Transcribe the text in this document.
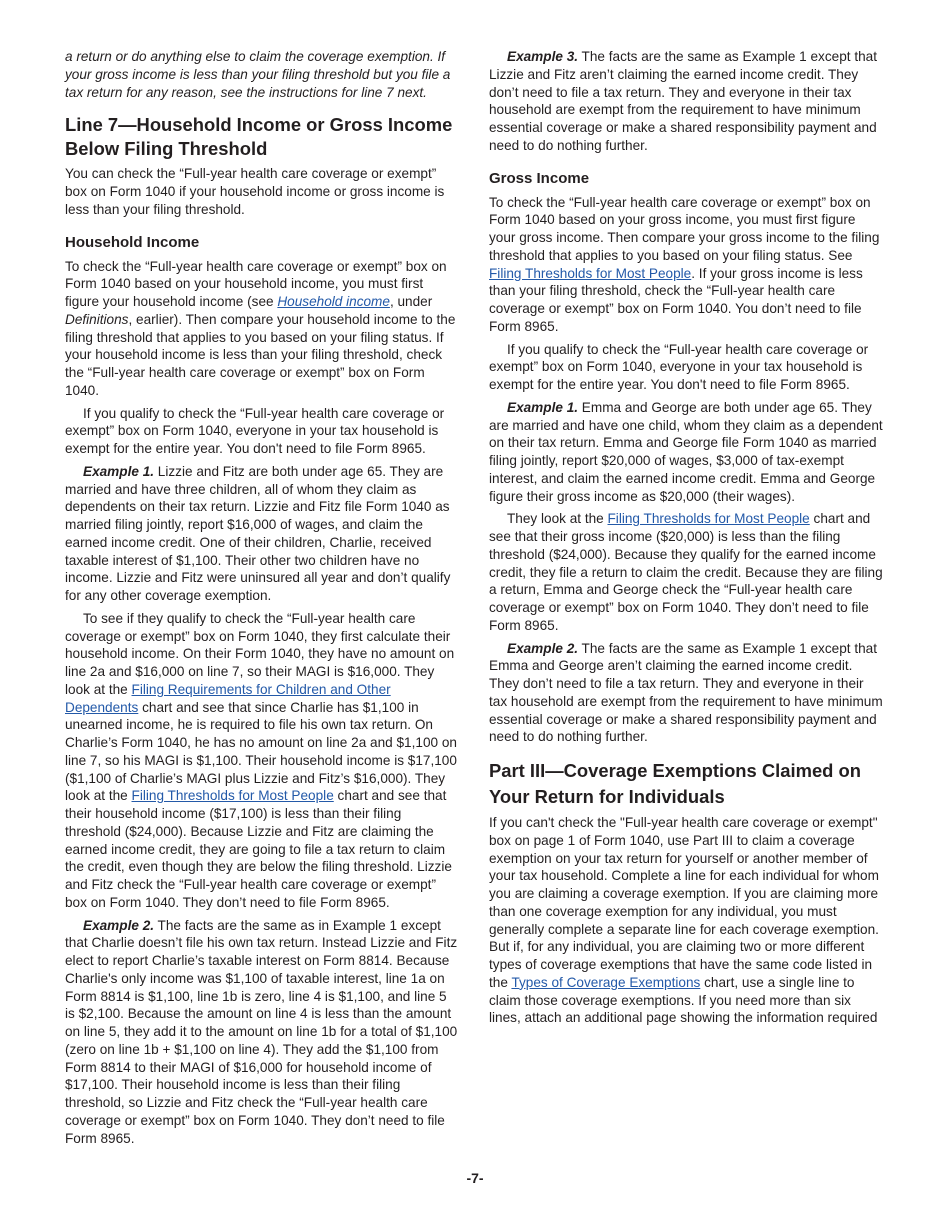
a return or do anything else to claim the coverage exemption. If your gross income is less than your filing threshold but you file a tax return for any reason, see the instructions for line 7 next.

Line 7—Household Income or Gross Income Below Filing Threshold

You can check the “Full-year health care coverage or exempt” box on Form 1040 if your household income or gross income is less than your filing threshold.

Household Income

To check the “Full-year health care coverage or exempt” box on Form 1040 based on your household income, you must first figure your household income (see Household income, under Definitions, earlier). Then compare your household income to the filing threshold that applies to you based on your filing status. If your household income is less than your filing threshold, check the “Full-year health care coverage or exempt” box on Form 1040.

If you qualify to check the “Full-year health care coverage or exempt” box on Form 1040, everyone in your tax household is exempt for the entire year. You don't need to file Form 8965.

Example 1. Lizzie and Fitz are both under age 65. They are married and have three children, all of whom they claim as dependents on their tax return. Lizzie and Fitz file Form 1040 as married filing jointly, report $16,000 of wages, and claim the earned income credit. One of their children, Charlie, received taxable interest of $1,100. Their other two children have no income. Lizzie and Fitz were uninsured all year and don’t qualify for any other coverage exemption.

To see if they qualify to check the “Full-year health care coverage or exempt” box on Form 1040, they first calculate their household income. On their Form 1040, they have no amount on line 2a and $16,000 on line 7, so their MAGI is $16,000. They look at the Filing Requirements for Children and Other Dependents chart and see that since Charlie has $1,100 in unearned income, he is required to file his own tax return. On Charlie’s Form 1040, he has no amount on line 2a and $1,100 on line 7, so his MAGI is $1,100. Their household income is $17,100 ($1,100 of Charlie’s MAGI plus Lizzie and Fitz’s $16,000). They look at the Filing Thresholds for Most People chart and see that their household income ($17,100) is less than their filing threshold ($24,000). Because Lizzie and Fitz are claiming the earned income credit, they are going to file a tax return to claim the credit, even though they are below the filing threshold. Lizzie and Fitz check the “Full-year health care coverage or exempt” box on Form 1040. They don’t need to file Form 8965.

Example 2. The facts are the same as in Example 1 except that Charlie doesn’t file his own tax return. Instead Lizzie and Fitz elect to report Charlie’s taxable interest on Form 8814. Because Charlie's only income was $1,100 of taxable interest, line 1a on Form 8814 is $1,100, line 1b is zero, line 4 is $1,100, and line 5 is $2,100. Because the amount on line 4 is less than the amount on line 5, they add it to the amount on line 1b for a total of $1,100 (zero on line 1b + $1,100 on line 4). They add the $1,100 from Form 8814 to their MAGI of $16,000 for household income of $17,100. Their household income is less than their filing threshold, so Lizzie and Fitz check the “Full-year health care coverage or exempt” box on Form 1040. They don’t need to file Form 8965.

Example 3. The facts are the same as Example 1 except that Lizzie and Fitz aren’t claiming the earned income credit. They don’t need to file a tax return. They and everyone in their tax household are exempt from the requirement to have minimum essential coverage or make a shared responsibility payment and need to do nothing further.

Gross Income

To check the “Full-year health care coverage or exempt” box on Form 1040 based on your gross income, you must first figure your gross income. Then compare your gross income to the filing threshold that applies to you based on your filing status. See Filing Thresholds for Most People. If your gross income is less than your filing threshold, check the “Full-year health care coverage or exempt” box on Form 1040. You don’t need to file Form 8965.

If you qualify to check the “Full-year health care coverage or exempt” box on Form 1040, everyone in your tax household is exempt for the entire year. You don't need to file Form 8965.

Example 1. Emma and George are both under age 65. They are married and have one child, whom they claim as a dependent on their tax return. Emma and George file Form 1040 as married filing jointly, report $20,000 of wages, $3,000 of tax-exempt interest, and claim the earned income credit. Emma and George figure their gross income as $20,000 (their wages).

They look at the Filing Thresholds for Most People chart and see that their gross income ($20,000) is less than the filing threshold ($24,000). Because they qualify for the earned income credit, they file a return to claim the credit. Because they are filing a return, Emma and George check the “Full-year health care coverage or exempt” box on Form 1040. They don’t need to file Form 8965.

Example 2. The facts are the same as Example 1 except that Emma and George aren’t claiming the earned income credit. They don’t need to file a tax return. They and everyone in their tax household are exempt from the requirement to have minimum essential coverage or make a shared responsibility payment and need to do nothing further.

Part III—Coverage Exemptions Claimed on Your Return for Individuals

If you can't check the "Full-year health care coverage or exempt" box on page 1 of Form 1040, use Part III to claim a coverage exemption on your tax return for yourself or another member of your tax household. Complete a line for each individual for whom you are claiming a coverage exemption. If you are claiming more than one coverage exemption for any individual, you must generally complete a separate line for each coverage exemption. But if, for any individual, you are claiming two or more different types of coverage exemptions that have the same code listed in the Types of Coverage Exemptions chart, use a single line to claim those coverage exemptions. If you need more than six lines, attach an additional page showing the information required

-7-
